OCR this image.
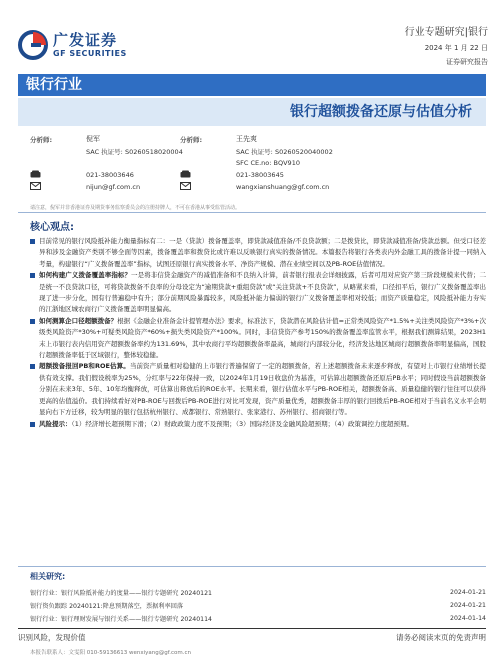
广发证券
GF SECURITIES
行业专题研究|银行
2024 年 1 月 22 日
证券研究报告
银行行业
银行超额拨备还原与估值分析
分析师:	倪军
SAC 执证号: S0260518020004
021-38003646
nijun@gf.com.cn
分析师:	王先爽
SAC 执证号: S0260520040002
SFC CE.no: BQV910
021-38003645
wangxianshuang@gf.com.cn
请注意，倪军并非香港证券及期货事务监察委员会的注册持牌人，不可在香港从事受监管活动。
核心观点:
目前常见的银行风险抵补能力衡量指标有二：一是（贷款）拨备覆盖率，即贷款减值准备/不良贷款额；二是拨贷比，即贷款减值准备/贷款总额。但受口径差异和涉及金融资产类别不够全面等因素，拨备覆盖率和拨贷比或许难以反映银行真实的拨备情况。本篇报告将银行各类表内外金融工具的拨备计提一同纳入考量，构建银行“广义拨备覆盖率”指标，试图还原银行真实拨备水平、净资产规模、潜在业绩空间以及PB-ROE估值情况。
如何构建广义拨备覆盖率指标？一是将非信贷金融资产的减值准备和不良纳入计算，前者银行报表会详细披露，后者可用对应资产第三阶段规模来代替；二是统一不良贷款口径，可将贷款拨备不良率的分母设定为“逾期贷款+重组贷款”或“关注贷款+不良贷款”，从略紧来看，口径扣平后，银行广义拨备覆盖率出现了进一步分化，国有行普遍稳中有升；部分前期风险暴露较多，风险抵补能力偏弱的银行广义拨备覆盖率相对较低；而资产质量稳定，风险抵补能力夯实的江浙地区城农商行广义拨备覆盖率明显偏高。
如何测算企口径超额拨备？根据《金融企业准备金计提管理办法》要求，标准法下，贷款潜在风险估计值=正常类风险资产*1.5%+关注类风险资产*3%+次级类风险资产*30%+可疑类风险资产*60%+损失类风险资产*100%。同时，非信贷资产参考150%的拨备覆盖率监管水平，根据我们测算结果，2023H1末上市银行表内信用资产超额拨备率约为131.69%，其中农商行平均超额拨备率最高，城商行内部较分化，经济发达地区城商行超额拨备率明显偏高，国股行超额拨备率低于区域银行，整体较稳健。
超额拨备报回PB和ROE估算。当前资产质量相对稳健的上市银行普遍保留了一定的超额拨备，若上述超额拨备未来逐步释放，有望对上市银行业绩增长提供有效支撑。我们假设税率为25%，分红率与22年保持一致，以2024年1月19日收盘价为基准，可估算出超额拨备还原后PB水平；同时假设当前超额拨备分别在未来3年、5年、10年均衡释放，可估算出释放后的ROE水平。长期来看，银行估值水平与PB-ROE相关，超额拨备高、质量稳健的银行往往可以获得更高的估值溢价。我们持续看好对PB-ROE与回拨后PB-ROE进行对比可发现，资产质量优秀，超额拨备丰厚的银行回拨后PB-ROE相对于当前名义水平会明显向右下方迁移，较为明显的银行包括杭州银行、成都银行、常熟银行、张家港行、苏州银行、招商银行等。
风险提示：（1）经济增长超预期下滑；（2）财政政策力度不及预期；（3）国际经济及金融风险超预期；（4）政策调控力度超预期。
相关研究:
银行行业：银行风险抵补能力的度量——银行专题研究 20240121	2024-01-21
银行资负跟踪 20240121:降息预期落空，票据利率回落	2024-01-21
银行行业：银行理财发展与银行关系——银行专题研究 20240114	2024-01-14
识别风险，发现价值	请务必阅读末页的免责声明
本报告联系人：文雯阳 010-59136613 wenxiyang@gf.com.cn
